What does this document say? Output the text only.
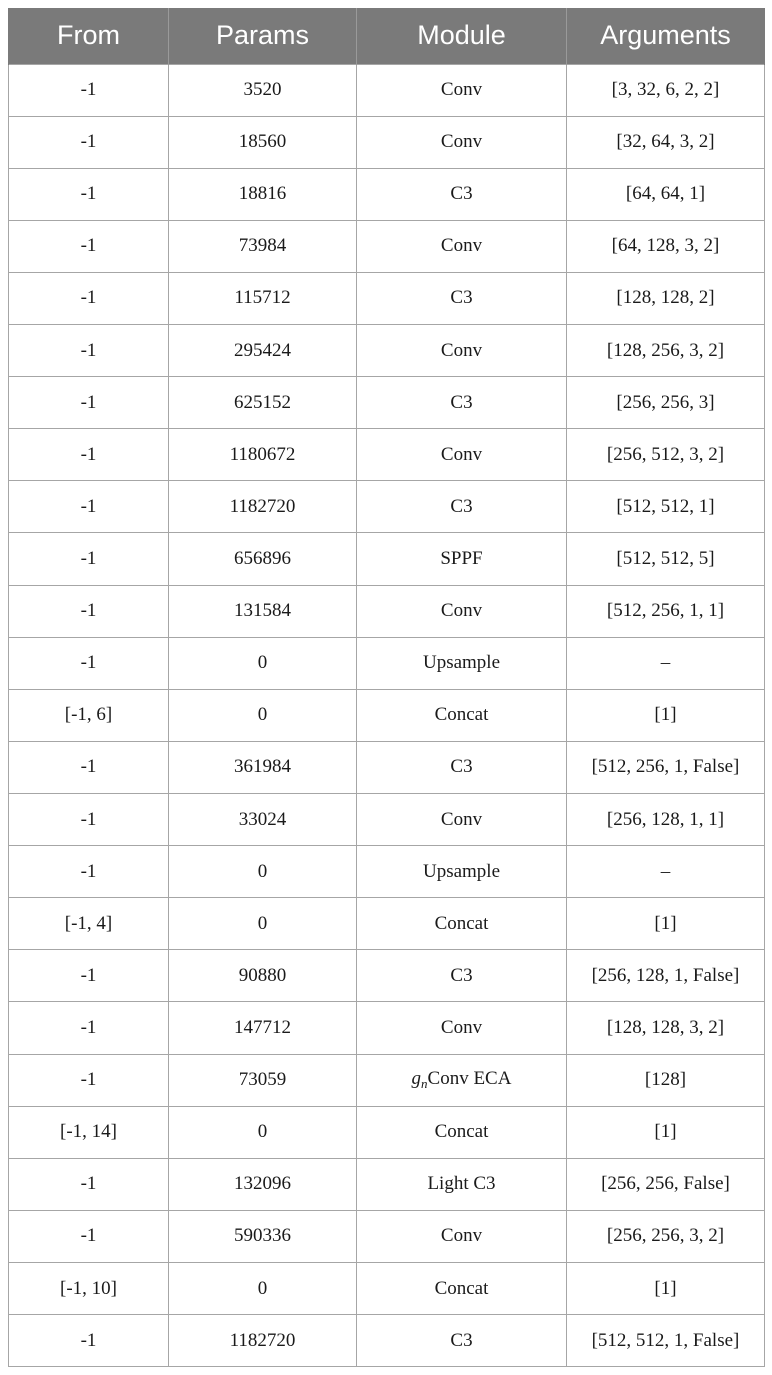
From	Params	Module	Arguments
-1	3520	Conv	[3, 32, 6, 2, 2]
-1	18560	Conv	[32, 64, 3, 2]
-1	18816	C3	[64, 64, 1]
-1	73984	Conv	[64, 128, 3, 2]
-1	115712	C3	[128, 128, 2]
-1	295424	Conv	[128, 256, 3, 2]
-1	625152	C3	[256, 256, 3]
-1	1180672	Conv	[256, 512, 3, 2]
-1	1182720	C3	[512, 512, 1]
-1	656896	SPPF	[512, 512, 5]
-1	131584	Conv	[512, 256, 1, 1]
-1	0	Upsample	–
[-1, 6]	0	Concat	[1]
-1	361984	C3	[512, 256, 1, False]
-1	33024	Conv	[256, 128, 1, 1]
-1	0	Upsample	–
[-1, 4]	0	Concat	[1]
-1	90880	C3	[256, 128, 1, False]
-1	147712	Conv	[128, 128, 3, 2]
-1	73059	$g_nConv$ ECA	[128]
[-1, 14]	0	Concat	[1]
-1	132096	Light C3	[256, 256, False]
-1	590336	Conv	[256, 256, 3, 2]
[-1, 10]	0	Concat	[1]
-1	1182720	C3	[512, 512, 1, False]
